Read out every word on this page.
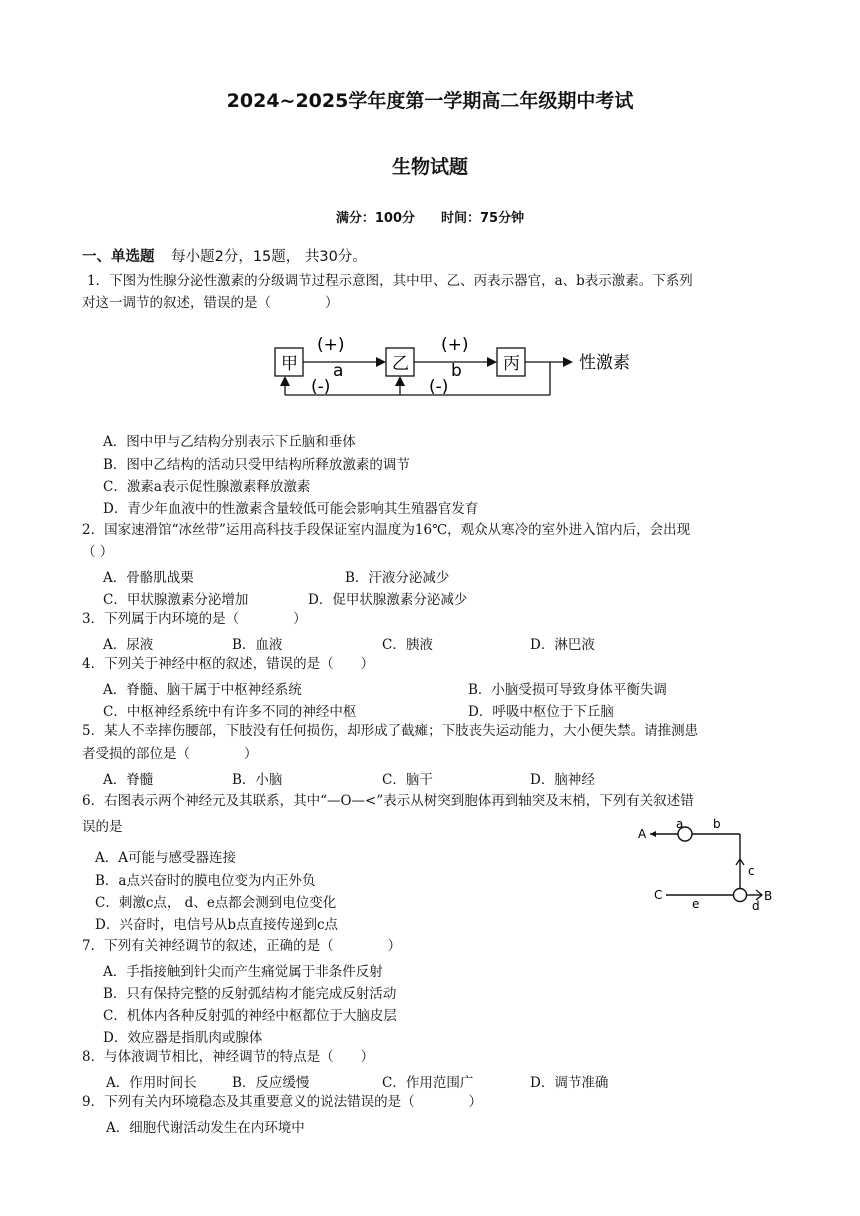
2024~2025学年度第一学期高二年级期中考试
生物试题
满分：100分　　时间：75分钟
一、单选题 每小题2分，15题， 共30分。
1．下图为性腺分泌性激素的分级调节过程示意图，其中甲、乙、丙表示器官，a、b表示激素。下系列
对这一调节的叙述，错误的是（　　　　）
甲	乙	丙
(+)
a
(+)
b	性激素
(-)	(-)
A．图中甲与乙结构分别表示下丘脑和垂体
B．图中乙结构的活动只受甲结构所释放激素的调节
C．激素a表示促性腺激素释放激素
D．青少年血液中的性激素含量较低可能会影响其生殖器官发育
2．国家速滑馆“冰丝带”运用高科技手段保证室内温度为16℃，观众从寒冷的室外进入馆内后，会出现
（ ）
A．骨骼肌战栗	B．汗液分泌减少
C．甲状腺激素分泌增加	D．促甲状腺激素分泌减少
3．下列属于内环境的是（　　　　）
A．尿液	B．血液	C．胰液	D．淋巴液
4．下列关于神经中枢的叙述，错误的是（　　）
A．脊髓、脑干属于中枢神经系统	B．小脑受损可导致身体平衡失调
C．中枢神经系统中有许多不同的神经中枢	D．呼吸中枢位于下丘脑
5．某人不幸摔伤腰部，下肢没有任何损伤，却形成了截瘫；下肢丧失运动能力，大小便失禁。请推测患
者受损的部位是（　　　　）
A．脊髓	B．小脑	C．脑干	D．脑神经
6．右图表示两个神经元及其联系，其中“—O—<”表示从树突到胞体再到轴突及末梢，下列有关叙述错
误的是
A．A可能与感受器连接
B．a点兴奋时的膜电位变为内正外负
C．刺激c点， d、e点都会测到电位变化
D．兴奋时，电信号从b点直接传递到c点
A
a b
c
C	B
e	d
7．下列有关神经调节的叙述，正确的是（　　　　）
A．手指接触到针尖而产生痛觉属于非条件反射
B．只有保持完整的反射弧结构才能完成反射活动
C．机体内各种反射弧的神经中枢都位于大脑皮层
D．效应器是指肌肉或腺体
8．与体液调节相比，神经调节的特点是（　　）
A．作用时间长	B．反应缓慢	C．作用范围广	D．调节准确
9．下列有关内环境稳态及其重要意义的说法错误的是（　　　　）
A．细胞代谢活动发生在内环境中
